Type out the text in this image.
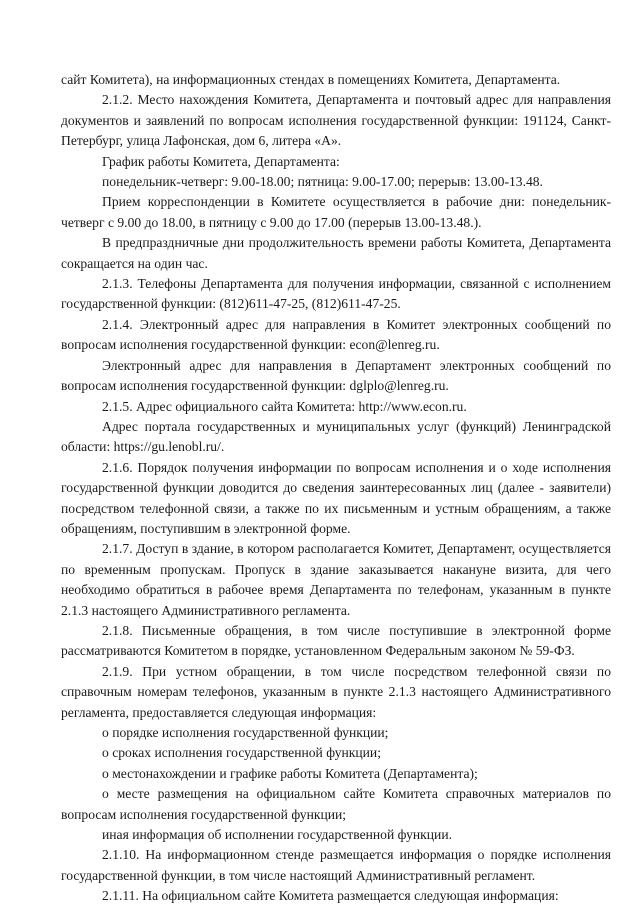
сайт Комитета), на информационных стендах в помещениях Комитета, Департамента.

2.1.2. Место нахождения Комитета, Департамента и почтовый адрес для направления документов и заявлений по вопросам исполнения государственной функции: 191124, Санкт-Петербург, улица Лафонская, дом 6, литера «А».

График работы Комитета, Департамента:

понедельник-четверг: 9.00-18.00; пятница: 9.00-17.00; перерыв: 13.00-13.48.

Прием корреспонденции в Комитете осуществляется в рабочие дни: понедельник-четверг с 9.00 до 18.00, в пятницу с 9.00 до 17.00 (перерыв 13.00-13.48.).

В предпраздничные дни продолжительность времени работы Комитета, Департамента сокращается на один час.

2.1.3. Телефоны Департамента для получения информации, связанной с исполнением государственной функции: (812)611-47-25, (812)611-47-25.

2.1.4. Электронный адрес для направления в Комитет электронных сообщений по вопросам исполнения государственной функции: econ@lenreg.ru.

Электронный адрес для направления в Департамент электронных сообщений по вопросам исполнения государственной функции: dglplo@lenreg.ru.

2.1.5. Адрес официального сайта Комитета: http://www.econ.ru.

Адрес портала государственных и муниципальных услуг (функций) Ленинградской области: https://gu.lenobl.ru/.

2.1.6. Порядок получения информации по вопросам исполнения и о ходе исполнения государственной функции доводится до сведения заинтересованных лиц (далее - заявители) посредством телефонной связи, а также по их письменным и устным обращениям, а также обращениям, поступившим в электронной форме.

2.1.7. Доступ в здание, в котором располагается Комитет, Департамент, осуществляется по временным пропускам. Пропуск в здание заказывается накануне визита, для чего необходимо обратиться в рабочее время Департамента по телефонам, указанным в пункте 2.1.3 настоящего Административного регламента.

2.1.8. Письменные обращения, в том числе поступившие в электронной форме рассматриваются Комитетом в порядке, установленном Федеральным законом № 59-ФЗ.

2.1.9. При устном обращении, в том числе посредством телефонной связи по справочным номерам телефонов, указанным в пункте 2.1.3 настоящего Административного регламента, предоставляется следующая информация:

о порядке исполнения государственной функции;

о сроках исполнения государственной функции;

о местонахождении и графике работы Комитета (Департамента);

о месте размещения на официальном сайте Комитета справочных материалов по вопросам исполнения государственной функции;

иная информация об исполнении государственной функции.

2.1.10. На информационном стенде размещается информация о порядке исполнения государственной функции, в том числе настоящий Административный регламент.

2.1.11. На официальном сайте Комитета размещается следующая информация:
